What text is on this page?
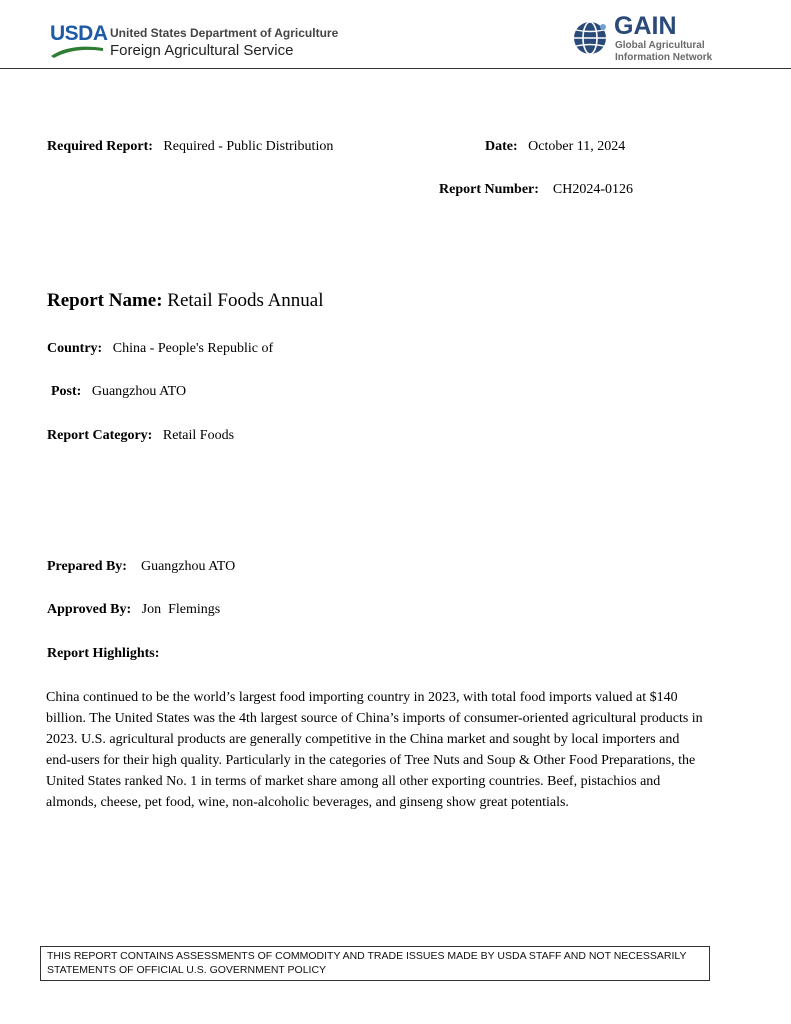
USDA United States Department of Agriculture
Foreign Agricultural Service
GAIN
Global Agricultural
Information Network
Required Report: Required - Public Distribution	Date: October 11, 2024
Report Number: CH2024-0126
Report Name: Retail Foods Annual
Country: China - People's Republic of
Post: Guangzhou ATO
Report Category: Retail Foods
Prepared By: Guangzhou ATO
Approved By: Jon  Flemings
Report Highlights:

China continued to be the world’s largest food importing country in 2023, with total food imports valued at $140 billion. The United States was the 4th largest source of China’s imports of consumer-oriented agricultural products in 2023. U.S. agricultural products are generally competitive in the China market and sought by local importers and end-users for their high quality. Particularly in the categories of Tree Nuts and Soup & Other Food Preparations, the United States ranked No. 1 in terms of market share among all other exporting countries. Beef, pistachios and almonds, cheese, pet food, wine, non-alcoholic beverages, and ginseng show great potentials.

THIS REPORT CONTAINS ASSESSMENTS OF COMMODITY AND TRADE ISSUES MADE BY USDA STAFF AND NOT NECESSARILY STATEMENTS OF OFFICIAL U.S. GOVERNMENT POLICY
